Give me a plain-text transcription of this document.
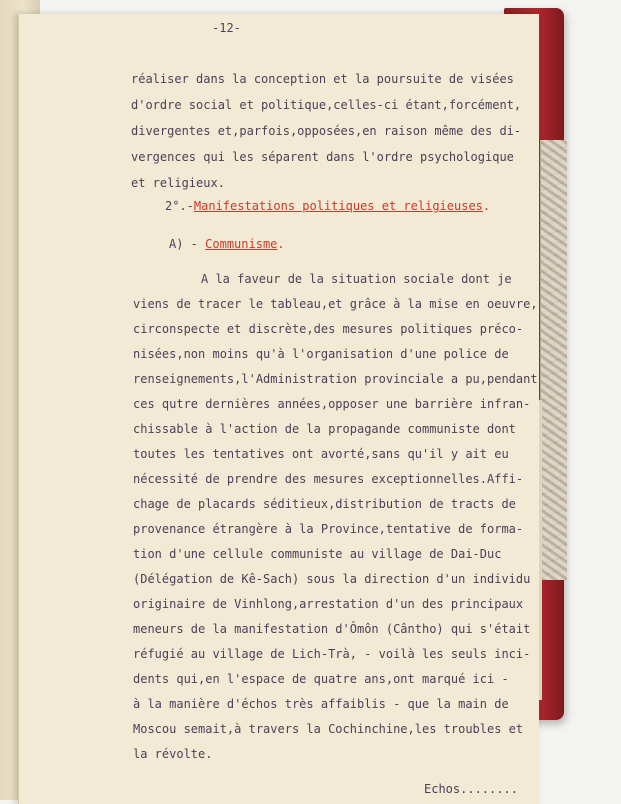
-12-
réaliser dans la conception et la poursuite de visées
d'ordre social et politique,celles-ci étant,forcément,
divergentes et,parfois,opposées,en raison même des di-
vergences qui les séparent dans l'ordre psychologique
et religieux.
2°.-Manifestations politiques et religieuses.
A) - Communisme.
A la faveur de la situation sociale dont je
viens de tracer le tableau,et grâce à la mise en oeuvre,
circonspecte et discrète,des mesures politiques préco-
nisées,non moins qu'à l'organisation d'une police de
renseignements,l'Administration provinciale a pu,pendant
ces qutre dernières années,opposer une barrière infran-
chissable à l'action de la propagande communiste dont
toutes les tentatives ont avorté,sans qu'il y ait eu
nécessité de prendre des mesures exceptionnelles.Affi-
chage de placards séditieux,distribution de tracts de
provenance étrangère à la Province,tentative de forma-
tion d'une cellule communiste au village de Dai-Duc
(Délégation de Kê-Sach) sous la direction d'un individu
originaire de Vinhlong,arrestation d'un des principaux
meneurs de la manifestation d'Ômôn (Cântho) qui s'était
réfugié au village de Lich-Trà, - voilà les seuls inci-
dents qui,en l'espace de quatre ans,ont marqué ici -
à la manière d'échos très affaiblis - que la main de
Moscou semait,à travers la Cochinchine,les troubles et
la révolte.
Echos........
